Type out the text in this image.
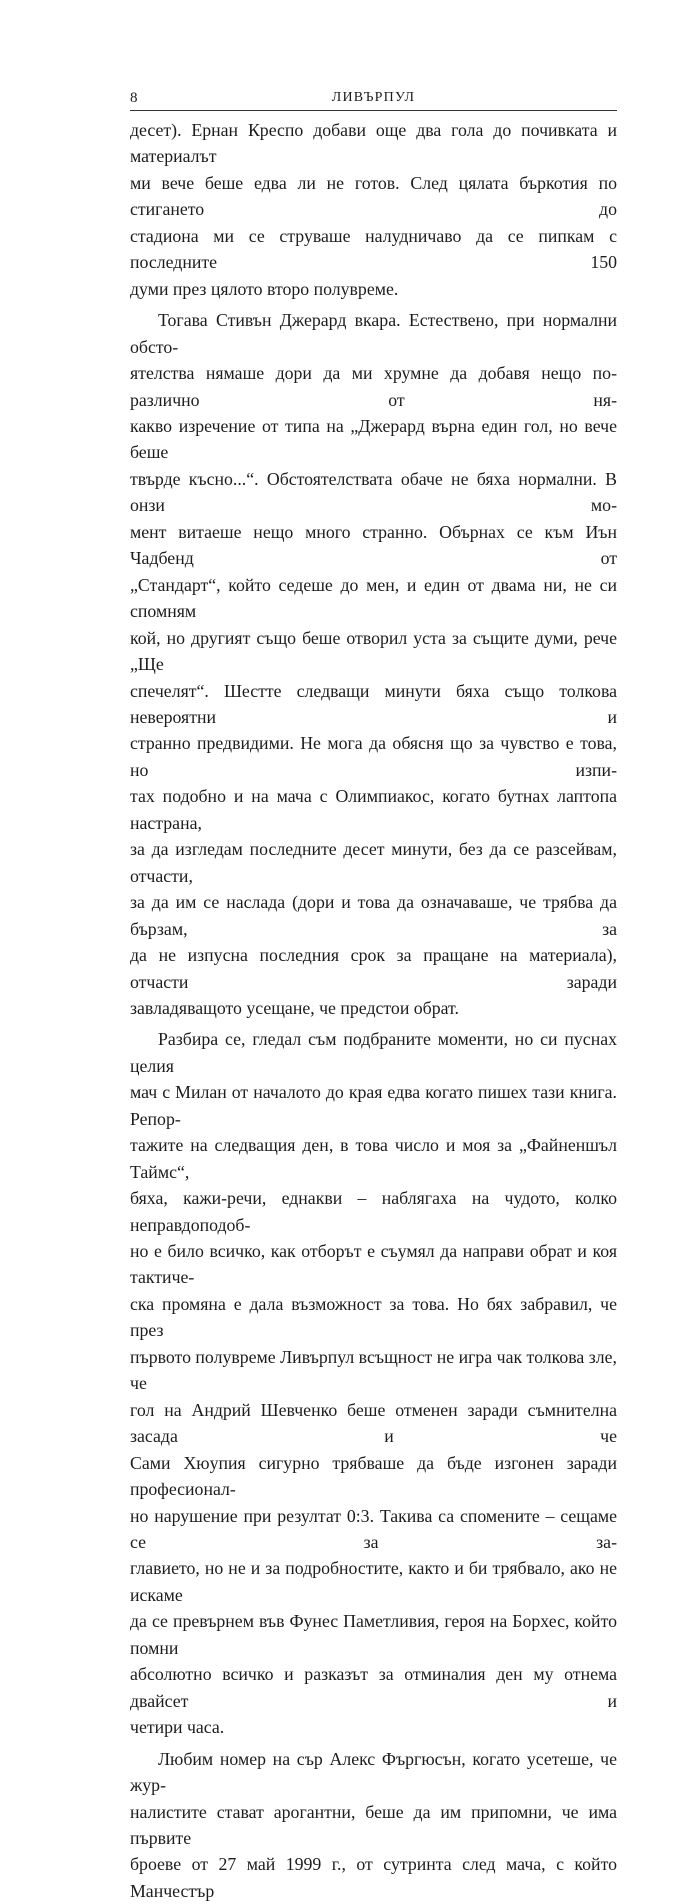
8	ЛИВЪРПУЛ

десет). Ернан Креспо добави още два гола до почивката и материалът
ми вече беше едва ли не готов. След цялата бъркотия по стигането до
стадиона ми се струваше налудничаво да се пипкам с последните 150
думи през цялото второ полувреме.

Тогава Стивън Джерард вкара. Естествено, при нормални обсто-
ятелства нямаше дори да ми хрумне да добавя нещо по-различно от ня-
какво изречение от типа на „Джерард върна един гол, но вече беше
твърде късно...“. Обстоятелствата обаче не бяха нормални. В онзи мо-
мент витаеше нещо много странно. Обърнах се към Иън Чадбенд от
„Стандарт“, който седеше до мен, и един от двама ни, не си спомням
кой, но другият също беше отворил уста за същите думи, рече „Ще
спечелят“. Шестте следващи минути бяха също толкова невероятни и
странно предвидими. Не мога да обясня що за чувство е това, но изпи-
тах подобно и на мача с Олимпиакос, когато бутнах лаптопа настрана,
за да изгледам последните десет минути, без да се разсейвам, отчасти,
за да им се наслада (дори и това да означаваше, че трябва да бързам, за
да не изпусна последния срок за пращане на материала), отчасти заради
завладяващото усещане, че предстои обрат.

Разбира се, гледал съм подбраните моменти, но си пуснах целия
мач с Милан от началото до края едва когато пишех тази книга. Репор-
тажите на следващия ден, в това число и моя за „Файненшъл Таймс“,
бяха, кажи-речи, еднакви – наблягаха на чудото, колко неправдоподоб-
но е било всичко, как отборът е съумял да направи обрат и коя тактиче-
ска промяна е дала възможност за това. Но бях забравил, че през
първото полувреме Ливърпул всъщност не игра чак толкова зле, че
гол на Андрий Шевченко беше отменен заради съмнителна засада и че
Сами Хюупия сигурно трябваше да бъде изгонен заради професионал-
но нарушение при резултат 0:3. Такива са спомените – сещаме се за за-
главието, но не и за подробностите, както и би трябвало, ако не искаме
да се превърнем във Фунес Паметливия, героя на Борхес, който помни
абсолютно всичко и разказът за отминалия ден му отнема двайсет и
четири часа.

Любим номер на сър Алекс Фъргюсън, когато усетеше, че жур-
налистите стават арогантни, беше да им припомни, че има първите
броеве от 27 май 1999 г., от сутринта след мача, с който Манчестър
